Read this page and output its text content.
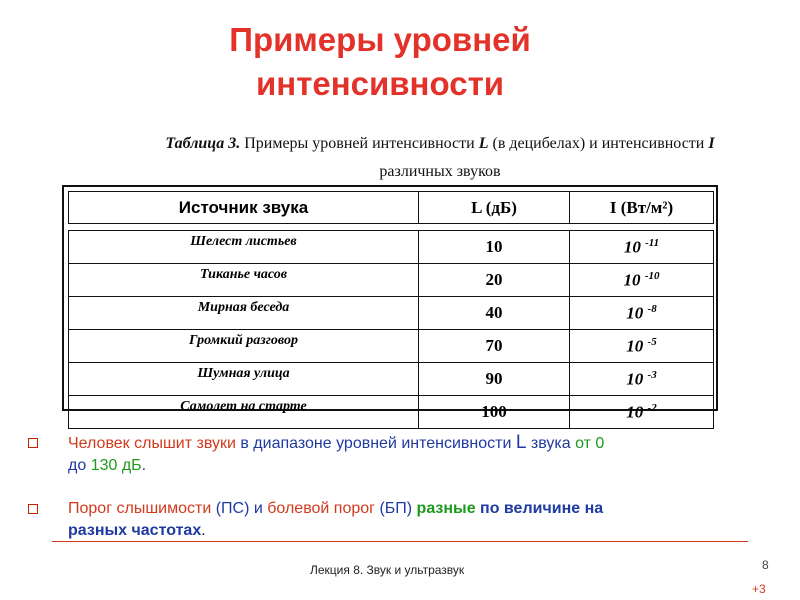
Примеры уровней
интенсивности
Таблица 3. Примеры уровней интенсивности L (в децибелах) и интенсивности I
различных звуков
Источник звука	L (дБ)	I (Вт/м²)

Шелест листьев	10	10 $^{-11}$
Тиканье часов	20	10 $^{-10}$
Мирная беседа	40	10 $^{-8}$
Громкий разговор	70	10 $^{-5}$
Шумная улица	90	10 $^{-3}$
Самолет на старте	100	10 $^{-2}$
Человек слышит звуки в диапазоне уровней интенсивности L звука от 0
до 130 дБ.
Порог слышимости (ПС) и болевой порог (БП) разные по величине на
разных частотах.
Лекция 8. Звук и ультразвук	8
+3
